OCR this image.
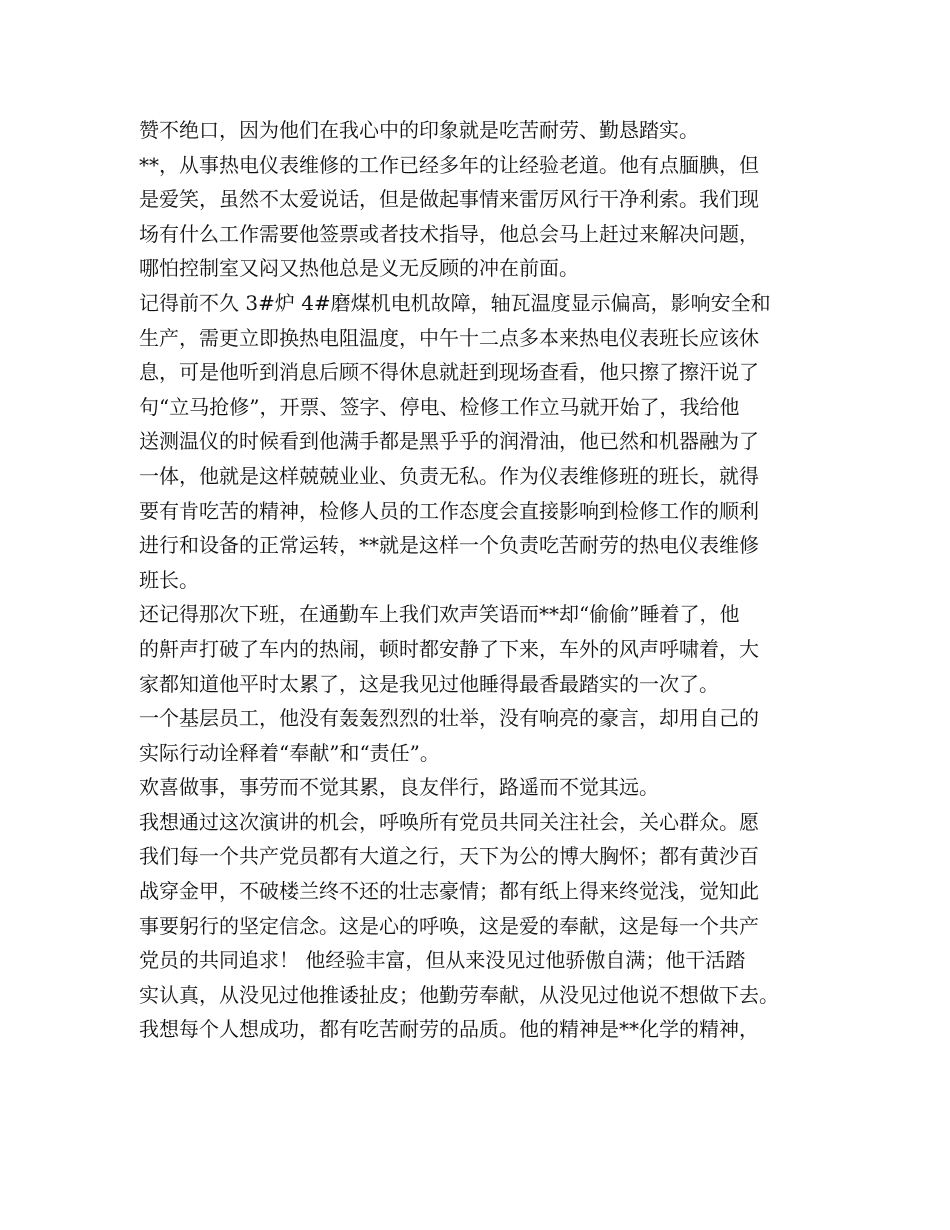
赞不绝口，因为他们在我心中的印象就是吃苦耐劳、勤恳踏实。
**，从事热电仪表维修的工作已经多年的让经验老道。他有点腼腆，但
是爱笑，虽然不太爱说话，但是做起事情来雷厉风行干净利索。我们现
场有什么工作需要他签票或者技术指导，他总会马上赶过来解决问题，
哪怕控制室又闷又热他总是义无反顾的冲在前面。
记得前不久 3#炉 4#磨煤机电机故障，轴瓦温度显示偏高，影响安全和
生产，需更立即换热电阻温度，中午十二点多本来热电仪表班长应该休
息，可是他听到消息后顾不得休息就赶到现场查看，他只擦了擦汗说了
句“立马抢修”，开票、签字、停电、检修工作立马就开始了，我给他
送测温仪的时候看到他满手都是黑乎乎的润滑油，他已然和机器融为了
一体，他就是这样兢兢业业、负责无私。作为仪表维修班的班长，就得
要有肯吃苦的精神，检修人员的工作态度会直接影响到检修工作的顺利
进行和设备的正常运转，**就是这样一个负责吃苦耐劳的热电仪表维修
班长。
还记得那次下班，在通勤车上我们欢声笑语而**却“偷偷”睡着了，他
的鼾声打破了车内的热闹，顿时都安静了下来，车外的风声呼啸着，大
家都知道他平时太累了，这是我见过他睡得最香最踏实的一次了。
一个基层员工，他没有轰轰烈烈的壮举，没有响亮的豪言，却用自己的
实际行动诠释着“奉献”和“责任”。
欢喜做事，事劳而不觉其累，良友伴行，路遥而不觉其远。
我想通过这次演讲的机会，呼唤所有党员共同关注社会，关心群众。愿
我们每一个共产党员都有大道之行，天下为公的博大胸怀；都有黄沙百
战穿金甲，不破楼兰终不还的壮志豪情；都有纸上得来终觉浅，觉知此
事要躬行的坚定信念。这是心的呼唤，这是爱的奉献，这是每一个共产
党员的共同追求！ 他经验丰富，但从来没见过他骄傲自满；他干活踏
实认真，从没见过他推诿扯皮；他勤劳奉献，从没见过他说不想做下去。
我想每个人想成功，都有吃苦耐劳的品质。他的精神是**化学的精神，
